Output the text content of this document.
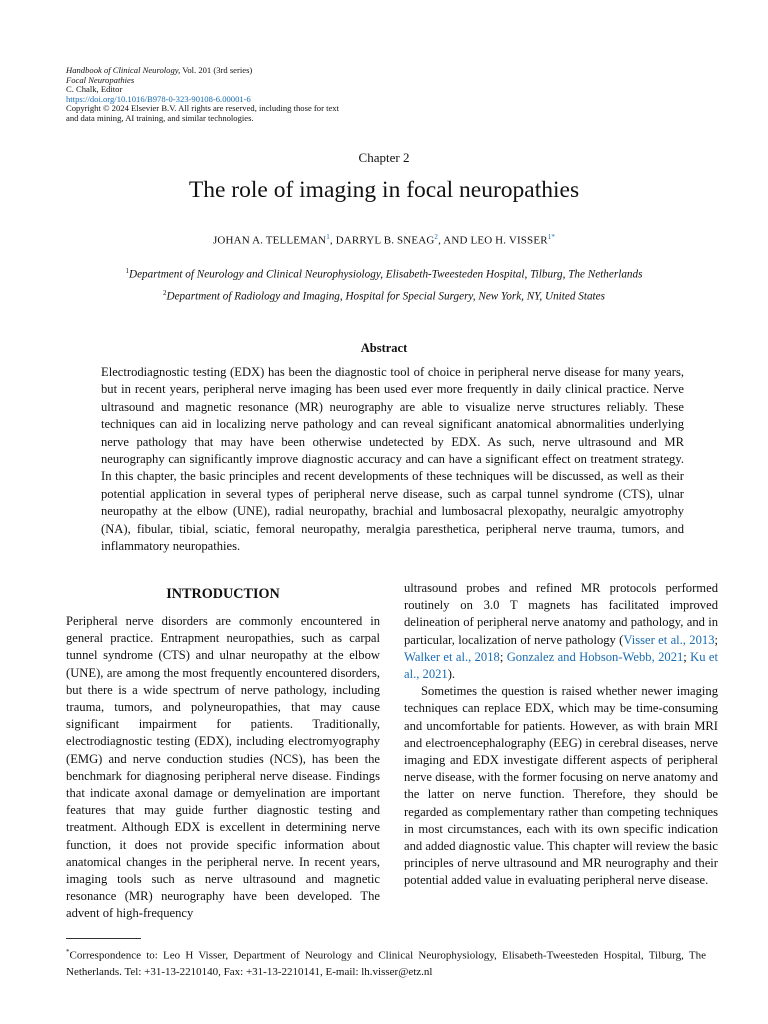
Handbook of Clinical Neurology, Vol. 201 (3rd series)
Focal Neuropathies
C. Chalk, Editor
https://doi.org/10.1016/B978-0-323-90108-6.00001-6
Copyright © 2024 Elsevier B.V. All rights are reserved, including those for text
and data mining, AI training, and similar technologies.
Chapter 2
The role of imaging in focal neuropathies
JOHAN A. TELLEMAN$^1$, DARRYL B. SNEAG$^2$, AND LEO H. $VISSER^{1*}$
$^1$Department of Neurology and Clinical Neurophysiology, Elisabeth-Tweesteden Hospital, Tilburg, The Netherlands
$^2$Department of Radiology and Imaging, Hospital for Special Surgery, New York, NY, United States
Abstract
Electrodiagnostic testing (EDX) has been the diagnostic tool of choice in peripheral nerve disease for many years, but in recent years, peripheral nerve imaging has been used ever more frequently in daily clinical practice. Nerve ultrasound and magnetic resonance (MR) neurography are able to visualize nerve structures reliably. These techniques can aid in localizing nerve pathology and can reveal significant anatomical abnormalities underlying nerve pathology that may have been otherwise undetected by EDX. As such, nerve ultrasound and MR neurography can significantly improve diagnostic accuracy and can have a significant effect on treatment strategy. In this chapter, the basic principles and recent developments of these techniques will be discussed, as well as their potential application in several types of peripheral nerve disease, such as carpal tunnel syndrome (CTS), ulnar neuropathy at the elbow (UNE), radial neuropathy, brachial and lumbosacral plexopathy, neuralgic amyotrophy (NA), fibular, tibial, sciatic, femoral neuropathy, meralgia paresthetica, peripheral nerve trauma, tumors, and inflammatory neuropathies.
INTRODUCTION

Peripheral nerve disorders are commonly encountered in general practice. Entrapment neuropathies, such as carpal tunnel syndrome (CTS) and ulnar neuropathy at the elbow (UNE), are among the most frequently encountered disorders, but there is a wide spectrum of nerve pathology, including trauma, tumors, and polyneuropathies, that may cause significant impairment for patients. Traditionally, electrodiagnostic testing (EDX), including electromyography (EMG) and nerve conduction studies (NCS), has been the benchmark for diagnosing peripheral nerve disease. Findings that indicate axonal damage or demyelination are important features that may guide further diagnostic testing and treatment. Although EDX is excellent in determining nerve function, it does not provide specific information about anatomical changes in the peripheral nerve. In recent years, imaging tools such as nerve ultrasound and magnetic resonance (MR) neurography have been developed. The advent of high-frequency

ultrasound probes and refined MR protocols performed routinely on 3.0 T magnets has facilitated improved delineation of peripheral nerve anatomy and pathology, and in particular, localization of nerve pathology (Visser et al., 2013; Walker et al., 2018; Gonzalez and Hobson-Webb, 2021; Ku et al., 2021).

Sometimes the question is raised whether newer imaging techniques can replace EDX, which may be time-consuming and uncomfortable for patients. However, as with brain MRI and electroencephalography (EEG) in cerebral diseases, nerve imaging and EDX investigate different aspects of peripheral nerve disease, with the former focusing on nerve anatomy and the latter on nerve function. Therefore, they should be regarded as complementary rather than competing techniques in most circumstances, each with its own specific indication and added diagnostic value. This chapter will review the basic principles of nerve ultrasound and MR neurography and their potential added value in evaluating peripheral nerve disease.

*Correspondence to: Leo H Visser, Department of Neurology and Clinical Neurophysiology, Elisabeth-Tweesteden Hospital, Tilburg, The Netherlands. Tel: +31-13-2210140, Fax: +31-13-2210141, E-mail: lh.visser@etz.nl
